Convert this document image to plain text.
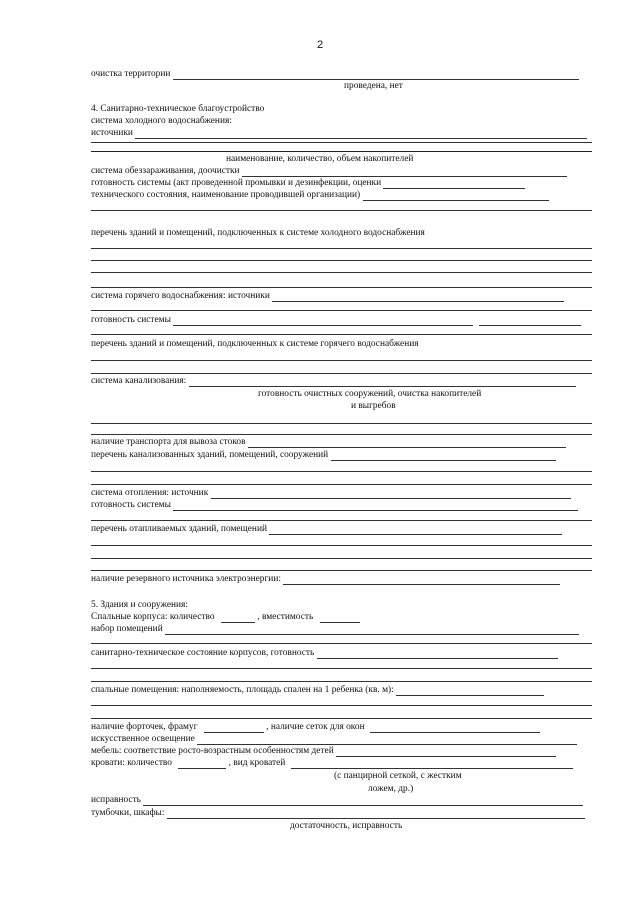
2
очистка территории
проведена, нет
4. Санитарно-техническое благоустройство
система холодного водоснабжения:
источники
наименование, количество, объем накопителей
система обеззараживания, доочистки
готовность системы (акт проведенной промывки и дезинфекции, оценки
технического состояния, наименование проводившей организации)
перечень зданий и помещений, подключенных к системе холодного водоснабжения
система горячего водоснабжения: источники
готовность системы
перечень зданий и помещений, подключенных к системе горячего водоснабжения
система канализования:
готовность очистных сооружений, очистка накопителей
и выгребов
наличие транспорта для вывоза стоков
перечень канализованных зданий, помещений, сооружений
система отопления: источник
готовность системы
перечень отапливаемых зданий, помещений
наличие резервного источника электроэнергии:
5. Здания и сооружения:
Спальные корпуса: количество	, вместимость
набор помещений
санитарно-техническое состояние корпусов, готовность
спальные помещения: наполняемость, площадь спален на 1 ребенка (кв. м):
наличие форточек, фрамуг	, наличие сеток для окон
искусственное освещение
мебель: соответствие росто-возрастным особенностям детей
кровати: количество	, вид кроватей
(с панцирной сеткой, с жестким
ложем, др.)
исправность
тумбочки, шкафы:
достаточность, исправность
